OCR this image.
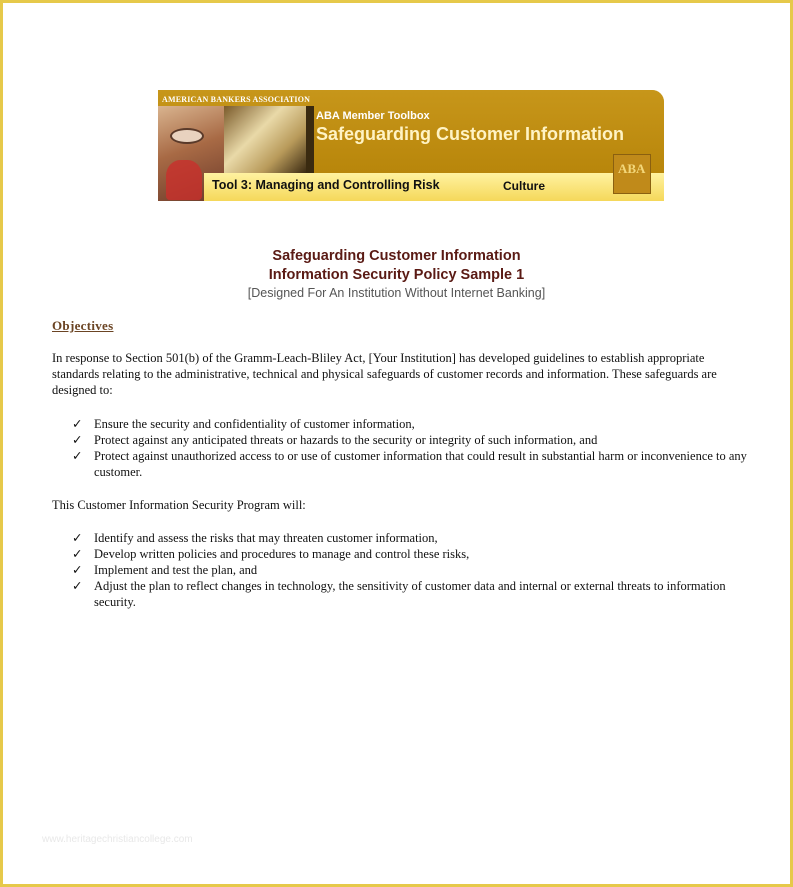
AMERICAN BANKERS ASSOCIATION
ABA Member Toolbox
Safeguarding Customer Information
Tool 3: Managing and Controlling Risk	Culture
ABA
Safeguarding Customer Information
Information Security Policy Sample 1
[Designed For An Institution Without Internet Banking]
Objectives

In response to Section 501(b) of the Gramm-Leach-Bliley Act, [Your Institution] has developed guidelines to establish appropriate standards relating to the administrative, technical and physical safeguards of customer records and information. These safeguards are designed to:

✓ Ensure the security and confidentiality of customer information,
✓ Protect against any anticipated threats or hazards to the security or integrity of such information, and
✓ Protect against unauthorized access to or use of customer information that could result in substantial harm or inconvenience to any customer.

This Customer Information Security Program will:

✓ Identify and assess the risks that may threaten customer information,
✓ Develop written policies and procedures to manage and control these risks,
✓ Implement and test the plan, and
✓ Adjust the plan to reflect changes in technology, the sensitivity of customer data and internal or external threats to information security.
www.heritagechristiancollege.com
